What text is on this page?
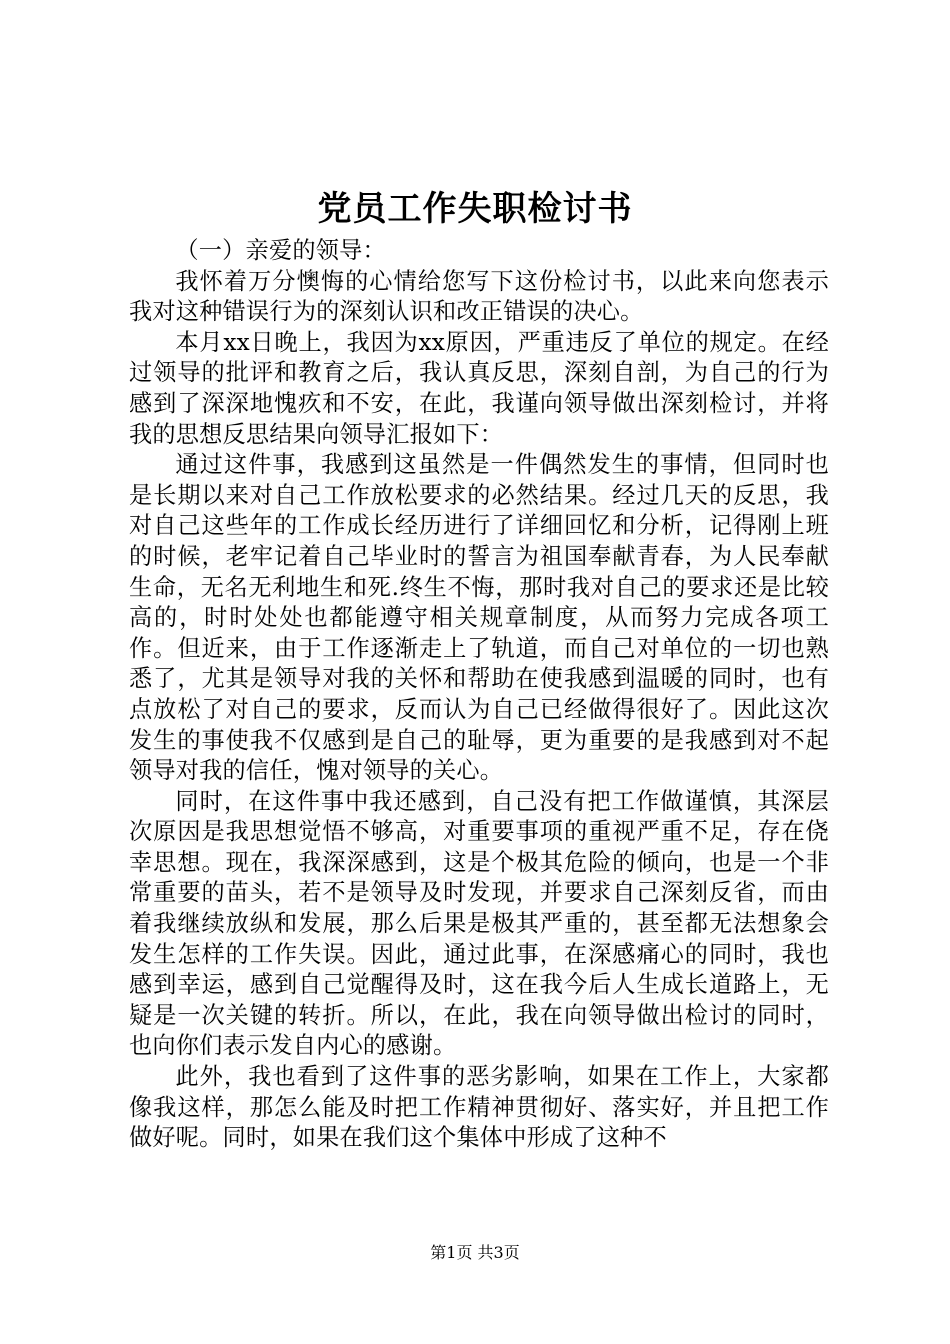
党员工作失职检讨书

（一）亲爱的领导：

我怀着万分懊悔的心情给您写下这份检讨书，以此来向您表示我对这种错误行为的深刻认识和改正错误的决心。

本月xx日晚上，我因为xx原因，严重违反了单位的规定。在经过领导的批评和教育之后，我认真反思，深刻自剖，为自己的行为感到了深深地愧疚和不安，在此，我谨向领导做出深刻检讨，并将我的思想反思结果向领导汇报如下：

通过这件事，我感到这虽然是一件偶然发生的事情，但同时也是长期以来对自己工作放松要求的必然结果。经过几天的反思，我对自己这些年的工作成长经历进行了详细回忆和分析，记得刚上班的时候，老牢记着自己毕业时的誓言为祖国奉献青春，为人民奉献生命，无名无利地生和死.终生不悔，那时我对自己的要求还是比较高的，时时处处也都能遵守相关规章制度，从而努力完成各项工作。但近来，由于工作逐渐走上了轨道，而自己对单位的一切也熟悉了，尤其是领导对我的关怀和帮助在使我感到温暖的同时，也有点放松了对自己的要求，反而认为自己已经做得很好了。因此这次发生的事使我不仅感到是自己的耻辱，更为重要的是我感到对不起领导对我的信任，愧对领导的关心。

同时，在这件事中我还感到，自己没有把工作做谨慎，其深层次原因是我思想觉悟不够高，对重要事项的重视严重不足，存在侥幸思想。现在，我深深感到，这是个极其危险的倾向，也是一个非常重要的苗头，若不是领导及时发现，并要求自己深刻反省，而由着我继续放纵和发展，那么后果是极其严重的，甚至都无法想象会发生怎样的工作失误。因此，通过此事，在深感痛心的同时，我也感到幸运，感到自己觉醒得及时，这在我今后人生成长道路上，无疑是一次关键的转折。所以，在此，我在向领导做出检讨的同时，也向你们表示发自内心的感谢。

此外，我也看到了这件事的恶劣影响，如果在工作上，大家都像我这样，那怎么能及时把工作精神贯彻好、落实好，并且把工作做好呢。同时，如果在我们这个集体中形成了这种不

第1页 共3页
